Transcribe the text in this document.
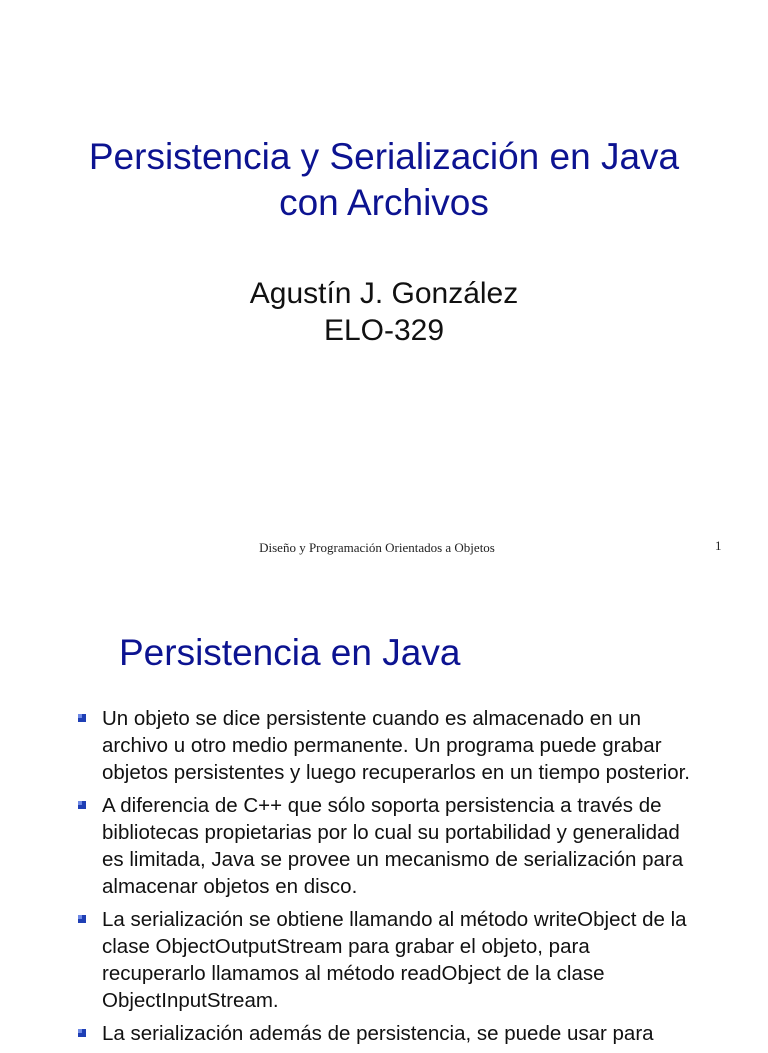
Persistencia y Serialización en Java
con Archivos
Agustín J. González
ELO-329
Diseño y Programación Orientados a Objetos	1
Persistencia en Java
Un objeto se dice persistente cuando es almacenado en un
archivo u otro medio permanente. Un programa puede grabar
objetos persistentes y luego recuperarlos en un tiempo posterior.
A diferencia de C++ que sólo soporta persistencia a través de
bibliotecas propietarias por lo cual su portabilidad y generalidad
es limitada, Java se provee un mecanismo de serialización para
almacenar objetos en disco.
La serialización se obtiene llamando al método writeObject de la
clase ObjectOutputStream para grabar el objeto, para
recuperarlo llamamos al método readObject de la clase
ObjectInputStream.
La serialización además de persistencia, se puede usar para
